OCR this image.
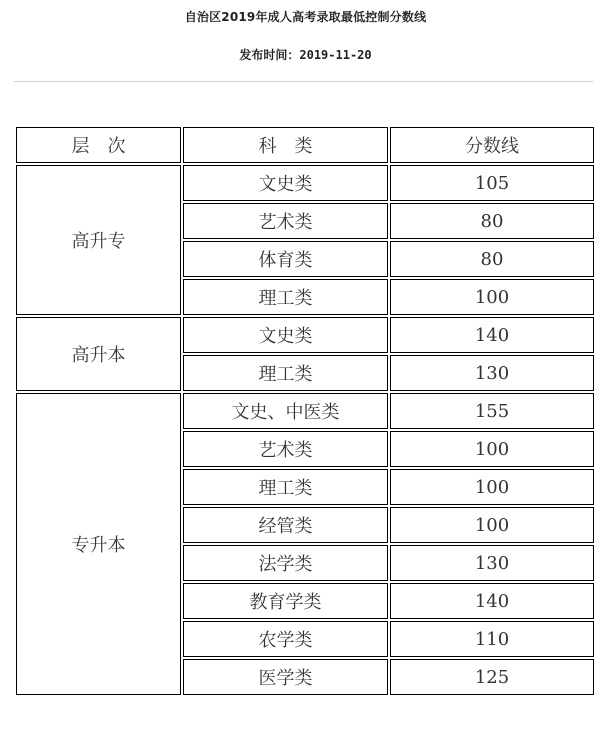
自治区2019年成人高考录取最低控制分数线
发布时间：2019-11-20
层　次	科　类	分数线
高升专	文史类	105
	艺术类	80
	体育类	80
	理工类	100
高升本	文史类	140
	理工类	130
专升本	文史、中医类	155
	艺术类	100
	理工类	100
	经管类	100
	法学类	130
	教育学类	140
	农学类	110
	医学类	125
